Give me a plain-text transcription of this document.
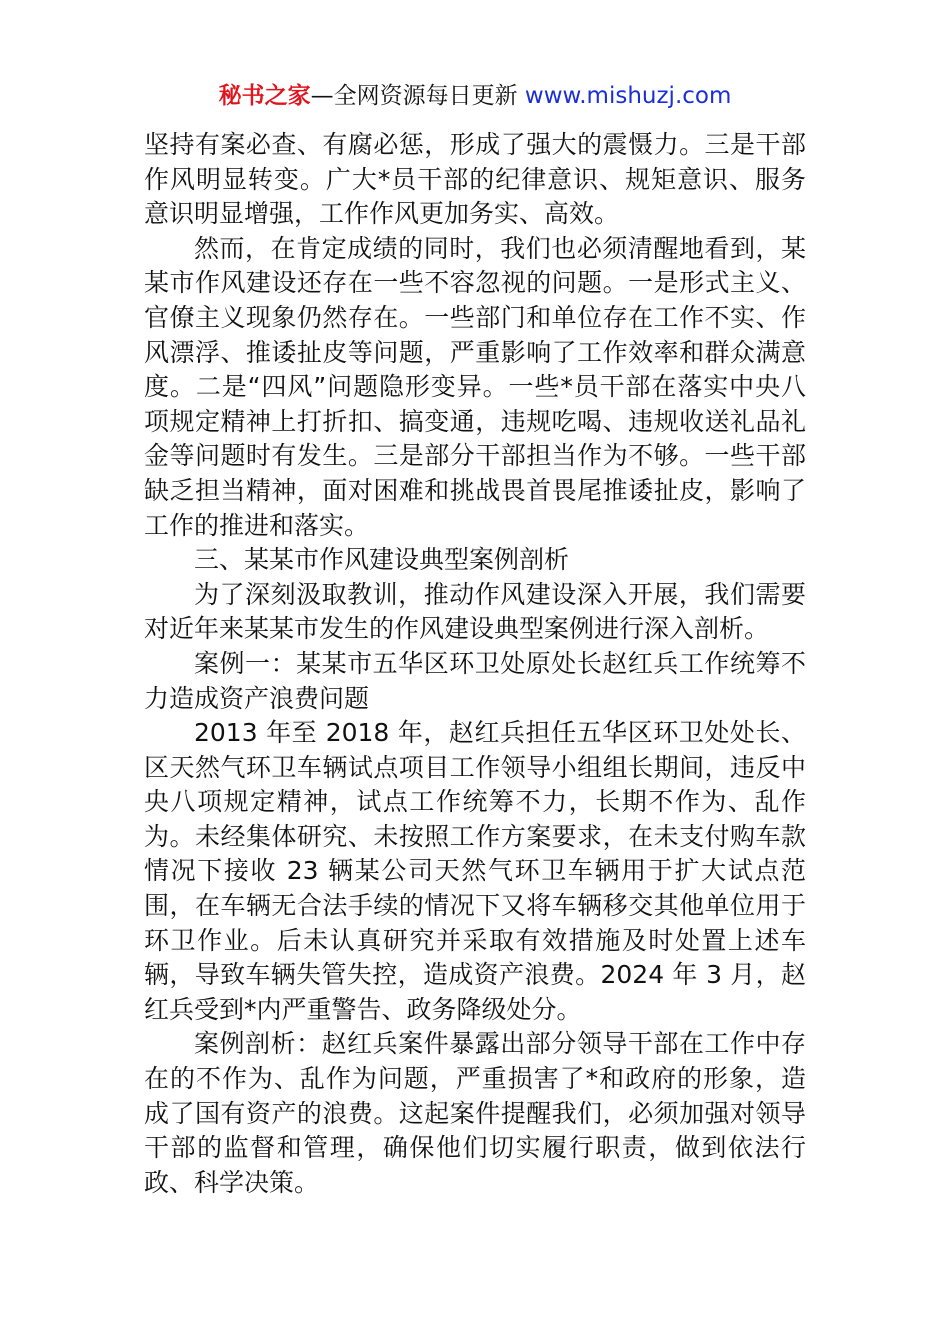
秘书之家—全网资源每日更新 www.mishuzj.com

坚持有案必查、有腐必惩，形成了强大的震慑力。三是干部作风明显转变。广大*员干部的纪律意识、规矩意识、服务意识明显增强，工作作风更加务实、高效。

然而，在肯定成绩的同时，我们也必须清醒地看到，某某市作风建设还存在一些不容忽视的问题。一是形式主义、官僚主义现象仍然存在。一些部门和单位存在工作不实、作风漂浮、推诿扯皮等问题，严重影响了工作效率和群众满意度。二是“四风”问题隐形变异。一些*员干部在落实中央八项规定精神上打折扣、搞变通，违规吃喝、违规收送礼品礼金等问题时有发生。三是部分干部担当作为不够。一些干部缺乏担当精神，面对困难和挑战畏首畏尾推诿扯皮，影响了工作的推进和落实。

三、某某市作风建设典型案例剖析

为了深刻汲取教训，推动作风建设深入开展，我们需要对近年来某某市发生的作风建设典型案例进行深入剖析。

案例一：某某市五华区环卫处原处长赵红兵工作统筹不力造成资产浪费问题

2013 年至 2018 年，赵红兵担任五华区环卫处处长、区天然气环卫车辆试点项目工作领导小组组长期间，违反中央八项规定精神，试点工作统筹不力，长期不作为、乱作为。未经集体研究、未按照工作方案要求，在未支付购车款情况下接收 23 辆某公司天然气环卫车辆用于扩大试点范围，在车辆无合法手续的情况下又将车辆移交其他单位用于环卫作业。后未认真研究并采取有效措施及时处置上述车辆，导致车辆失管失控，造成资产浪费。2024 年 3 月，赵红兵受到*内严重警告、政务降级处分。

案例剖析：赵红兵案件暴露出部分领导干部在工作中存在的不作为、乱作为问题，严重损害了*和政府的形象，造成了国有资产的浪费。这起案件提醒我们，必须加强对领导干部的监督和管理，确保他们切实履行职责，做到依法行政、科学决策。
